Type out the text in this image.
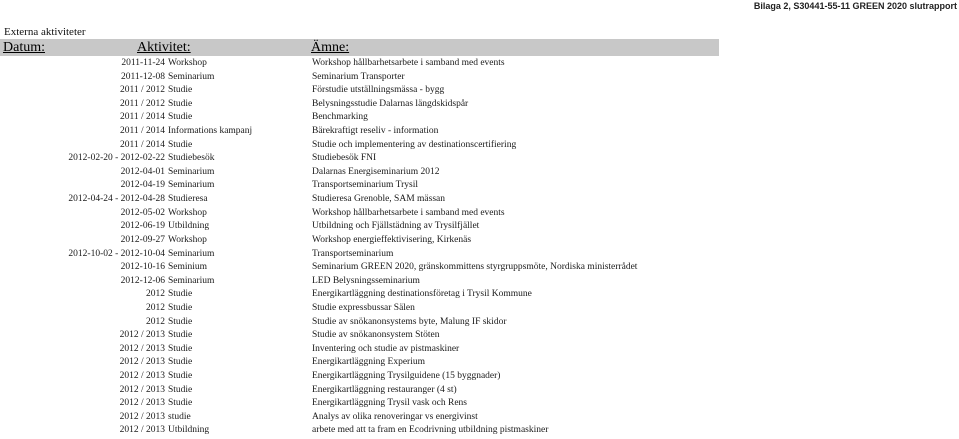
Bilaga 2, S30441-55-11 GREEN 2020 slutrapport
Externa aktiviteter
Datum:	Aktivitet:	Ämne:
2011-11-24 Workshop	Workshop hållbarhetsarbete i samband med events
2011-12-08 Seminarium	Seminarium Transporter
2011 / 2012 Studie	Förstudie utställningsmässa - bygg
2011 / 2012 Studie	Belysningsstudie Dalarnas längdskidspår
2011 / 2014 Studie	Benchmarking
2011 / 2014 Informations kampanj	Bärekraftigt reseliv - information
2011 / 2014 Studie	Studie och implementering av destinationscertifiering
2012-02-20 - 2012-02-22 Studiebesök	Studiebesök FNI
2012-04-01 Seminarium	Dalarnas Energiseminarium 2012
2012-04-19 Seminarium	Transportseminarium Trysil
2012-04-24 - 2012-04-28 Studieresa	Studieresa Grenoble, SAM mässan
2012-05-02 Workshop	Workshop hållbarhetsarbete i samband med events
2012-06-19 Utbildning	Utbildning och Fjällstädning av Trysilfjället
2012-09-27 Workshop	Workshop energieffektivisering, Kirkenäs
2012-10-02 - 2012-10-04 Seminarium	Transportseminarium
2012-10-16 Seminium	Seminarium GREEN 2020, gränskommittens styrgruppsmöte, Nordiska ministerrådet
2012-12-06 Seminarium	LED Belysningsseminarium
2012 Studie	Energikartläggning destinationsföretag i Trysil Kommune
2012 Studie	Studie expressbussar Sälen
2012 Studie	Studie av snökanonsystems byte, Malung IF skidor
2012 / 2013 Studie	Studie av snökanonsystem Stöten
2012 / 2013 Studie	Inventering och studie av pistmaskiner
2012 / 2013 Studie	Energikartläggning Experium
2012 / 2013 Studie	Energikartläggning Trysilguidene (15 byggnader)
2012 / 2013 Studie	Energikartläggning restauranger (4 st)
2012 / 2013 Studie	Energikartläggning Trysil vask och Rens
2012 / 2013 studie	Analys av olika renoveringar vs energivinst
2012 / 2013 Utbildning	arbete med att ta fram en Ecodrivning utbildning pistmaskiner
